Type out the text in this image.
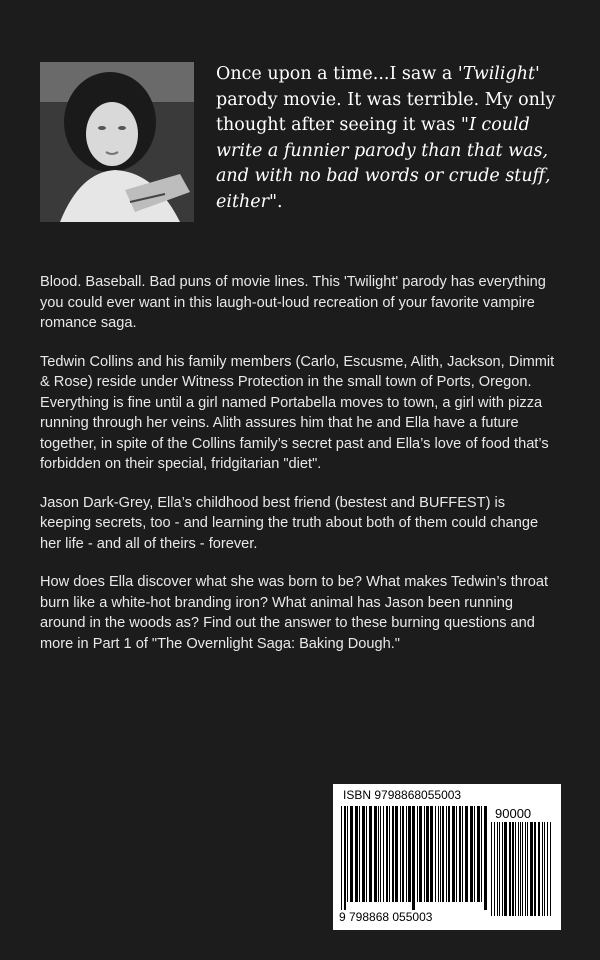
Once upon a time...I saw a 'Twilight' parody movie. It was terrible. My only thought after seeing it was "I could write a funnier parody than that was, and with no bad words or crude stuff, either".

Blood. Baseball. Bad puns of movie lines. This 'Twilight' parody has everything you could ever want in this laugh-out-loud recreation of your favorite vampire romance saga.

Tedwin Collins and his family members (Carlo, Escusme, Alith, Jackson, Dimmit & Rose) reside under Witness Protection in the small town of Ports, Oregon. Everything is fine until a girl named Portabella moves to town, a girl with pizza running through her veins. Alith assures him that he and Ella have a future together, in spite of the Collins family’s secret past and Ella’s love of food that’s forbidden on their special, fridgitarian "diet".

Jason Dark-Grey, Ella’s childhood best friend (bestest and BUFFEST) is keeping secrets, too - and learning the truth about both of them could change her life - and all of theirs - forever.

How does Ella discover what she was born to be? What makes Tedwin’s throat burn like a white-hot branding iron? What animal has Jason been running around in the woods as? Find out the answer to these burning questions and more in Part 1 of "The Overnlight Saga: Baking Dough."

ISBN 9798868055003
90000
9 798868 055003
